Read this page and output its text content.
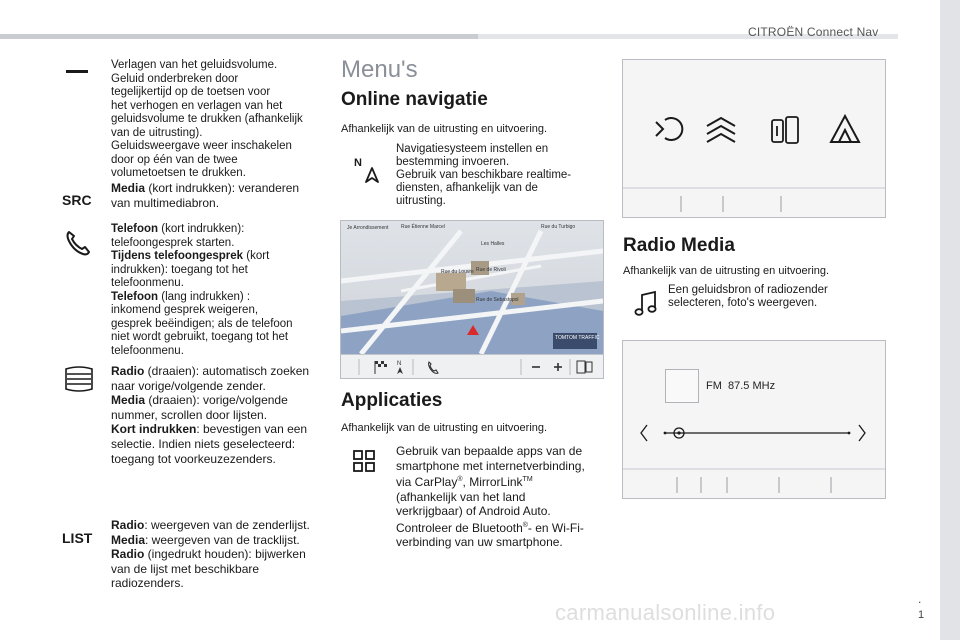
CITROËN Connect Nav
Verlagen van het geluidsvolume.
Geluid onderbreken door
tegelijkertijd op de toetsen voor
het verhogen en verlagen van het
geluidsvolume te drukken (afhankelijk
van de uitrusting).
Geluidsweergave weer inschakelen
door op één van de twee
volumetoetsen te drukken.
SRC
Media (kort indrukken): veranderen
van multimediabron.
Telefoon (kort indrukken):
telefoongesprek starten.
Tijdens telefoongesprek (kort
indrukken): toegang tot het
telefoonmenu.
Telefoon (lang indrukken) :
inkomend gesprek weigeren,
gesprek beëindigen; als de telefoon
niet wordt gebruikt, toegang tot het
telefoonmenu.
Radio (draaien): automatisch zoeken
naar vorige/volgende zender.
Media (draaien): vorige/volgende
nummer, scrollen door lijsten.
Kort indrukken: bevestigen van een
selectie. Indien niets geselecteerd:
toegang tot voorkeuzezenders.
LIST
Radio: weergeven van de zenderlijst.
Media: weergeven van de tracklijst.
Radio (ingedrukt houden): bijwerken
van de lijst met beschikbare
radiozenders.
Menu's
Online navigatie
Afhankelijk van de uitrusting en uitvoering.
N
Navigatiesysteem instellen en
bestemming invoeren.
Gebruik van beschikbare realtime-
diensten, afhankelijk van de
uitrusting.
TOMTOM TRAFFIC
Je Arrondissement	Rue Étienne Marcel	Rue du Turbigo
Les Halles
Rue du Louvre Rue de Rivoli
Rue de Sebastopol
N
Applicaties
Afhankelijk van de uitrusting en uitvoering.
Gebruik van bepaalde apps van de
smartphone met internetverbinding,
via CarPlay®, MirrorLink™
(afhankelijk van het land
verkrijgbaar) of Android Auto.
Controleer de Bluetooth®- en Wi-Fi-
verbinding van uw smartphone.
Radio Media
Afhankelijk van de uitrusting en uitvoering.
Een geluidsbron of radiozender
selecteren, foto's weergeven.
FM 87.5 MHz
.
1
carmanualsonline.info
